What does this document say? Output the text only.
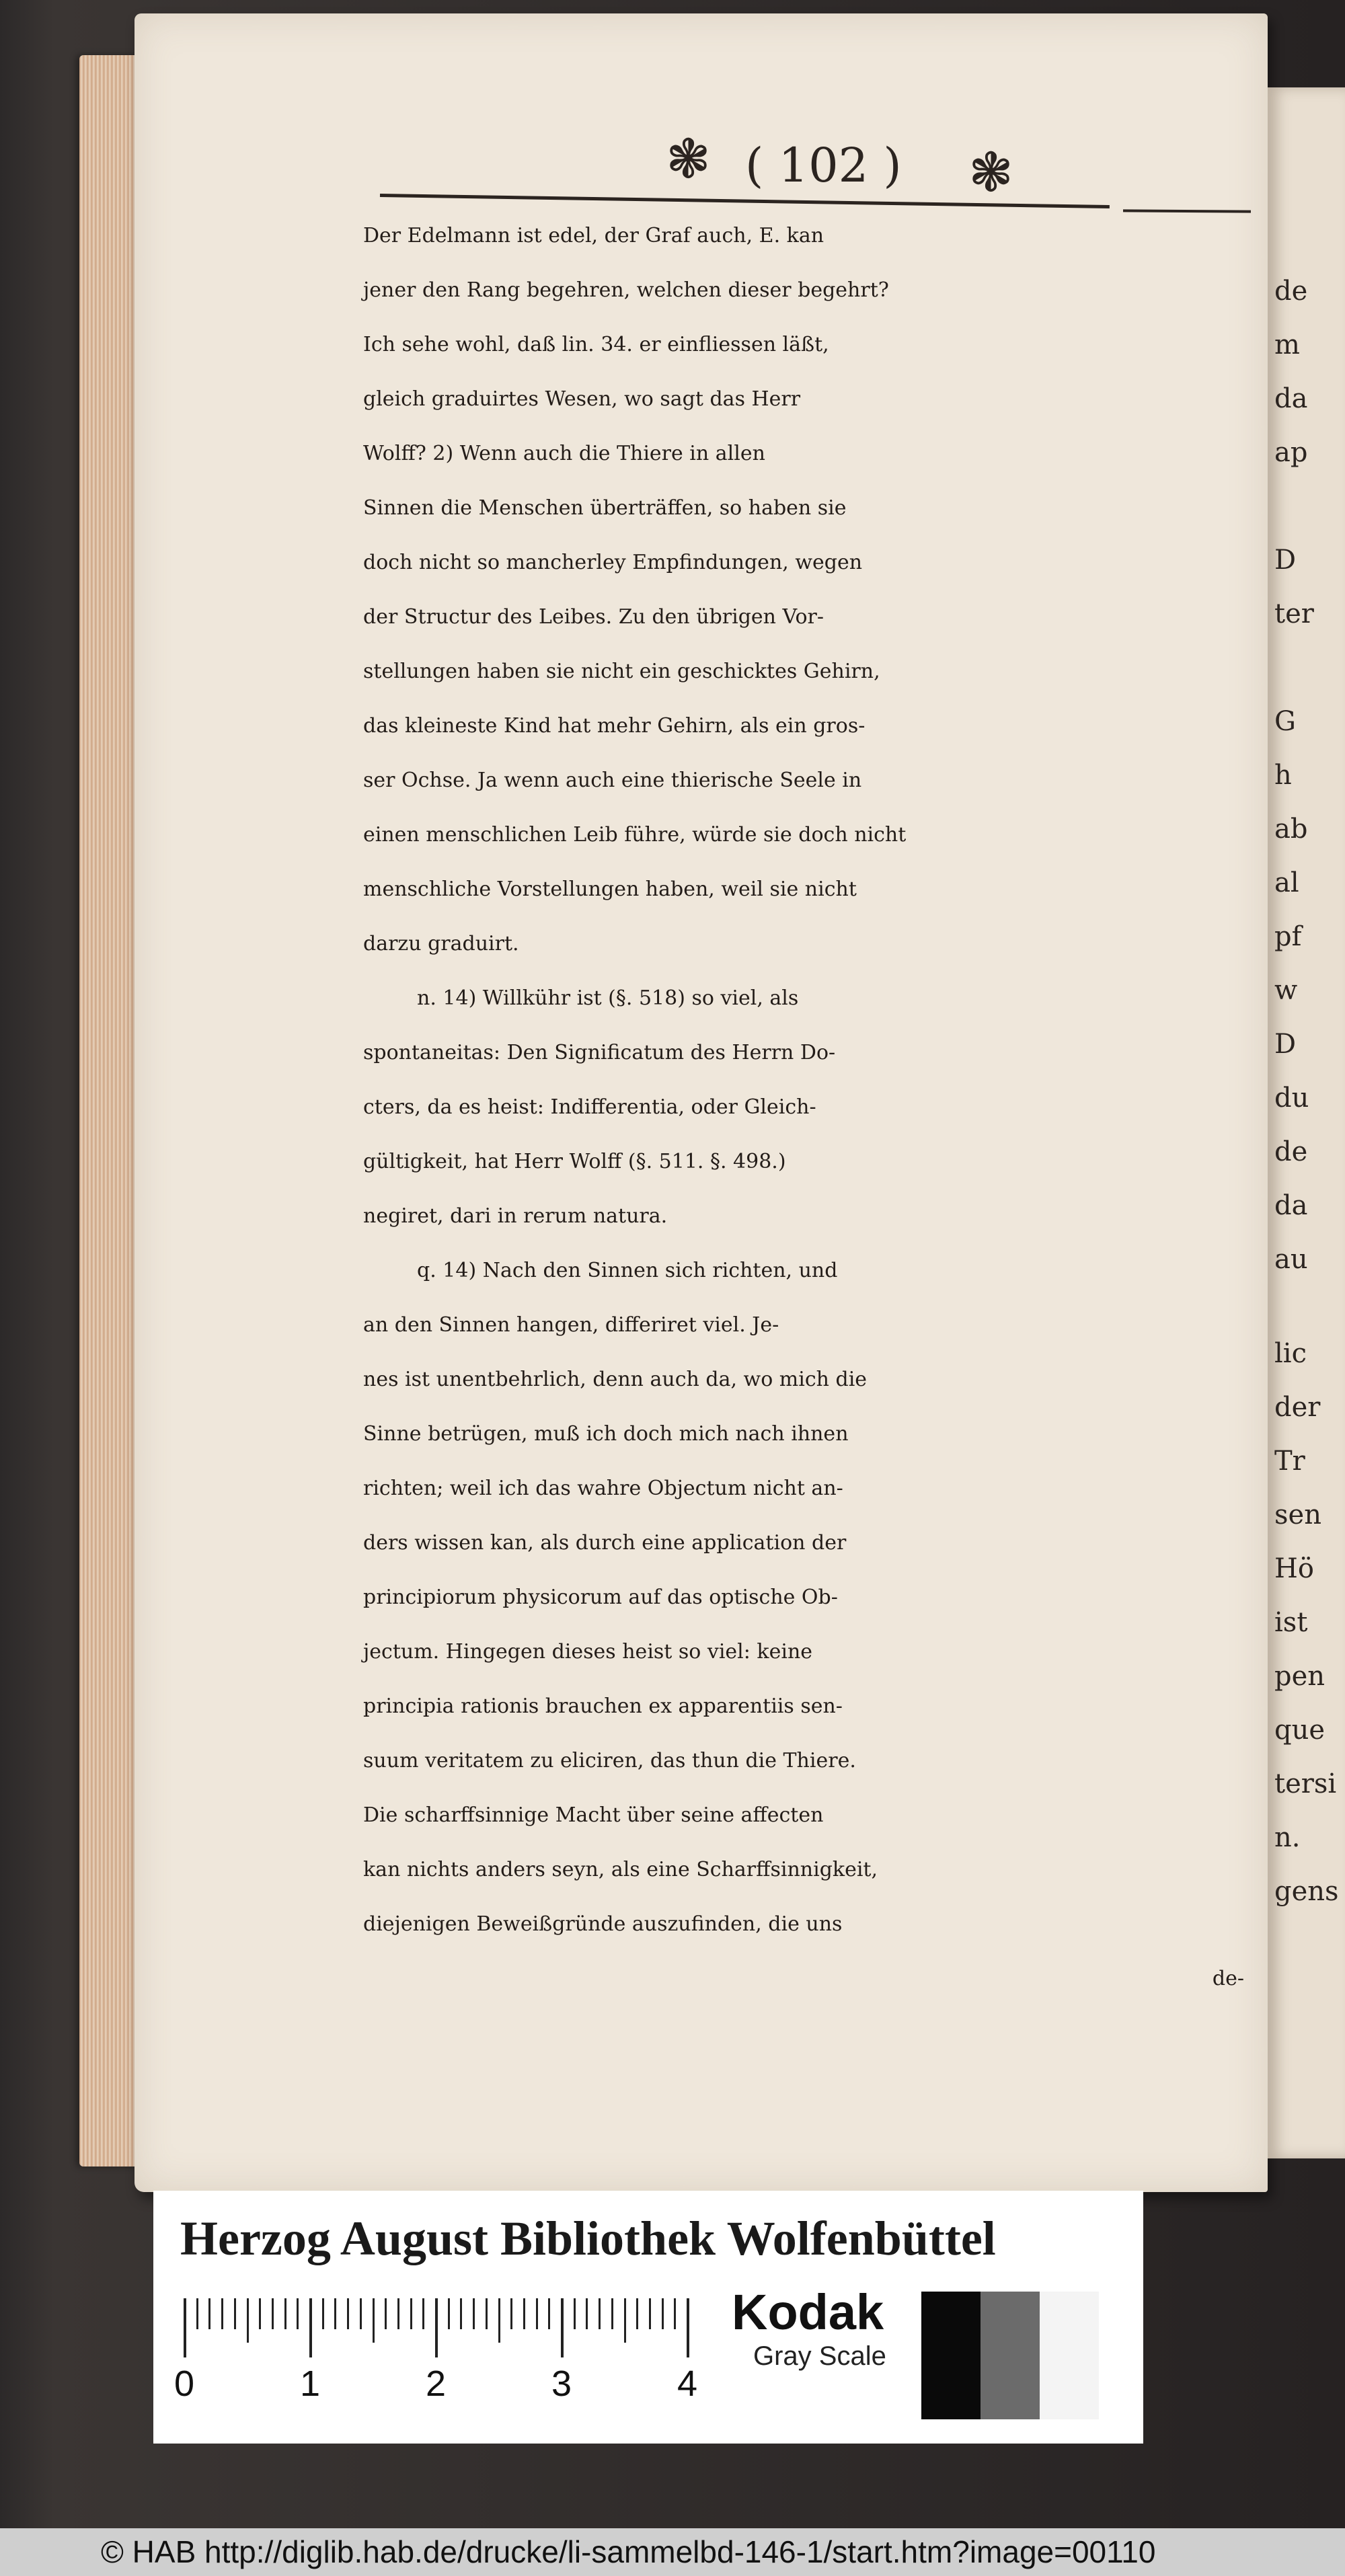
de
m
da
ap
D
ter
G
h
ab
al
pf
w
D
du
de
da
au
lic
der
Tr
sen
Hö
ist
pen
que
tersi
n.
gens
❃	❃
( 102 )
Der Edelmann ist edel, der Graf auch, E. kan
jener den Rang begehren, welchen dieser begehrt?
Ich sehe wohl, daß lin. 34. er einfliessen läßt,
gleich graduirtes Wesen, wo sagt das Herr
Wolff? 2) Wenn auch die Thiere in allen
Sinnen die Menschen überträffen, so haben sie
doch nicht so mancherley Empfindungen, wegen
der Structur des Leibes. Zu den übrigen Vor-
stellungen haben sie nicht ein geschicktes Gehirn,
das kleineste Kind hat mehr Gehirn, als ein gros-
ser Ochse. Ja wenn auch eine thierische Seele in
einen menschlichen Leib führe, würde sie doch nicht
menschliche Vorstellungen haben, weil sie nicht
darzu graduirt.
n. 14) Willkühr ist (§. 518) so viel, als
spontaneitas: Den Significatum des Herrn Do-
cters, da es heist: Indifferentia, oder Gleich-
gültigkeit, hat Herr Wolff (§. 511. §. 498.)
negiret, dari in rerum natura.
q. 14) Nach den Sinnen sich richten, und
an den Sinnen hangen, differiret viel. Je-
nes ist unentbehrlich, denn auch da, wo mich die
Sinne betrügen, muß ich doch mich nach ihnen
richten; weil ich das wahre Objectum nicht an-
ders wissen kan, als durch eine application der
principiorum physicorum auf das optische Ob-
jectum. Hingegen dieses heist so viel: keine
principia rationis brauchen ex apparentiis sen-
suum veritatem zu eliciren, das thun die Thiere.
Die scharffsinnige Macht über seine affecten
kan nichts anders seyn, als eine Scharffsinnigkeit,
diejenigen Beweißgründe auszufinden, die uns
de-
Herzog August Bibliothek Wolfenbüttel
0	1	2	3	4
Kodak
Gray Scale
© HAB http://diglib.hab.de/drucke/li-sammelbd-146-1/start.htm?image=00110
